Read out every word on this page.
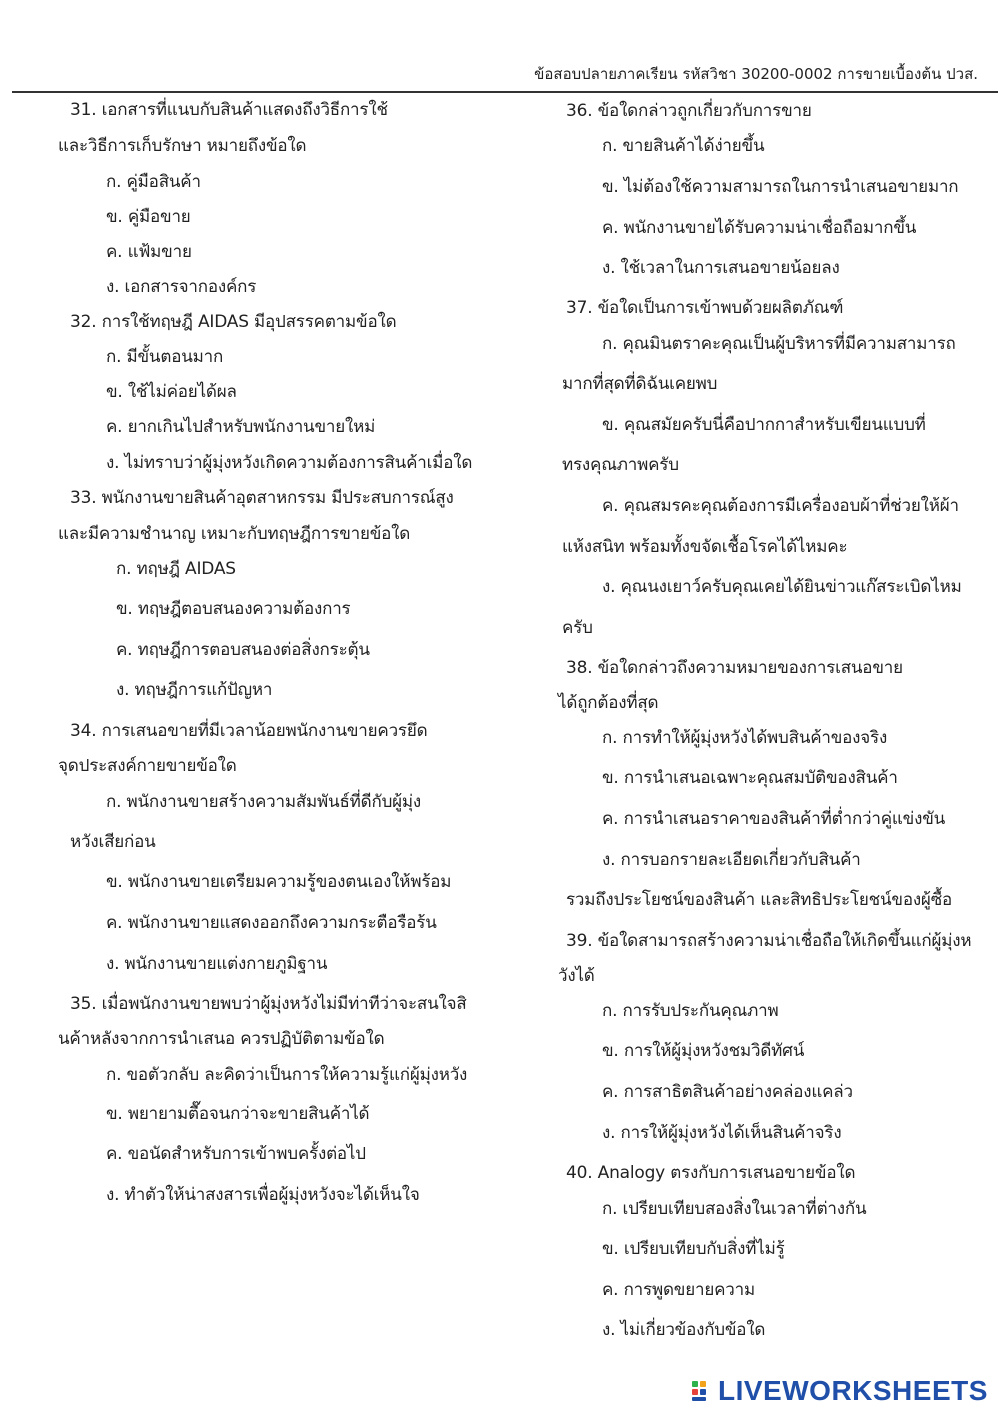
ข้อสอบปลายภาคเรียน รหัสวิชา 30200-0002 การขายเบื้องต้น ปวส.
31. เอกสารที่แนบกับสินค้าแสดงถึงวิธีการใช้
และวิธีการเก็บรักษา หมายถึงข้อใด
ก. คู่มือสินค้า
ข. คู่มือขาย
ค. แฟ้มขาย
ง. เอกสารจากองค์กร
32. การใช้ทฤษฎี AIDAS มีอุปสรรคตามข้อใด
ก. มีขั้นตอนมาก
ข. ใช้ไม่ค่อยได้ผล
ค. ยากเกินไปสำหรับพนักงานขายใหม่
ง. ไม่ทราบว่าผู้มุ่งหวังเกิดความต้องการสินค้าเมื่อใด
33. พนักงานขายสินค้าอุตสาหกรรม มีประสบการณ์สูง
และมีความชำนาญ เหมาะกับทฤษฎีการขายข้อใด
ก. ทฤษฎี AIDAS
ข. ทฤษฎีตอบสนองความต้องการ
ค. ทฤษฎีการตอบสนองต่อสิ่งกระตุ้น
ง. ทฤษฎีการแก้ปัญหา
34. การเสนอขายที่มีเวลาน้อยพนักงานขายควรยึด
จุดประสงค์กายขายข้อใด
ก. พนักงานขายสร้างความสัมพันธ์ที่ดีกับผู้มุ่ง
หวังเสียก่อน
ข. พนักงานขายเตรียมความรู้ของตนเองให้พร้อม
ค. พนักงานขายแสดงออกถึงความกระตือรือร้น
ง. พนักงานขายแต่งกายภูมิฐาน
35. เมื่อพนักงานขายพบว่าผู้มุ่งหวังไม่มีท่าทีว่าจะสนใจสิ
นค้าหลังจากการนำเสนอ ควรปฏิบัติตามข้อใด
ก. ขอตัวกลับ ละคิดว่าเป็นการให้ความรู้แก่ผู้มุ่งหวัง
ข. พยายามตื๊อจนกว่าจะขายสินค้าได้
ค. ขอนัดสำหรับการเข้าพบครั้งต่อไป
ง. ทำตัวให้น่าสงสารเพื่อผู้มุ่งหวังจะได้เห็นใจ
36. ข้อใดกล่าวถูกเกี่ยวกับการขาย
ก. ขายสินค้าได้ง่ายขึ้น
ข. ไม่ต้องใช้ความสามารถในการนำเสนอขายมาก
ค. พนักงานขายได้รับความน่าเชื่อถือมากขึ้น
ง. ใช้เวลาในการเสนอขายน้อยลง
37. ข้อใดเป็นการเข้าพบด้วยผลิตภัณฑ์
ก. คุณมินตราคะคุณเป็นผู้บริหารที่มีความสามารถ
มากที่สุดที่ดิฉันเคยพบ
ข. คุณสมัยครับนี่คือปากกาสำหรับเขียนแบบที่
ทรงคุณภาพครับ
ค. คุณสมรคะคุณต้องการมีเครื่องอบผ้าที่ช่วยให้ผ้า
แห้งสนิท พร้อมทั้งขจัดเชื้อโรคได้ไหมคะ
ง. คุณนงเยาว์ครับคุณเคยได้ยินข่าวแก๊สระเบิดไหม
ครับ
38. ข้อใดกล่าวถึงความหมายของการเสนอขาย
ได้ถูกต้องที่สุด
ก. การทำให้ผู้มุ่งหวังได้พบสินค้าของจริง
ข. การนำเสนอเฉพาะคุณสมบัติของสินค้า
ค. การนำเสนอราคาของสินค้าที่ต่ำกว่าคู่แข่งขัน
ง. การบอกรายละเอียดเกี่ยวกับสินค้า
รวมถึงประโยชน์ของสินค้า และสิทธิประโยชน์ของผู้ซื้อ
39. ข้อใดสามารถสร้างความน่าเชื่อถือให้เกิดขึ้นแก่ผู้มุ่งห
วังได้
ก. การรับประกันคุณภาพ
ข. การให้ผู้มุ่งหวังชมวิดีทัศน์
ค. การสาธิตสินค้าอย่างคล่องแคล่ว
ง. การให้ผู้มุ่งหวังได้เห็นสินค้าจริง
40. Analogy ตรงกับการเสนอขายข้อใด
ก. เปรียบเทียบสองสิ่งในเวลาที่ต่างกัน
ข. เปรียบเทียบกับสิ่งที่ไม่รู้
ค. การพูดขยายความ
ง. ไม่เกี่ยวข้องกับข้อใด
LIVEWORKSHEETS
